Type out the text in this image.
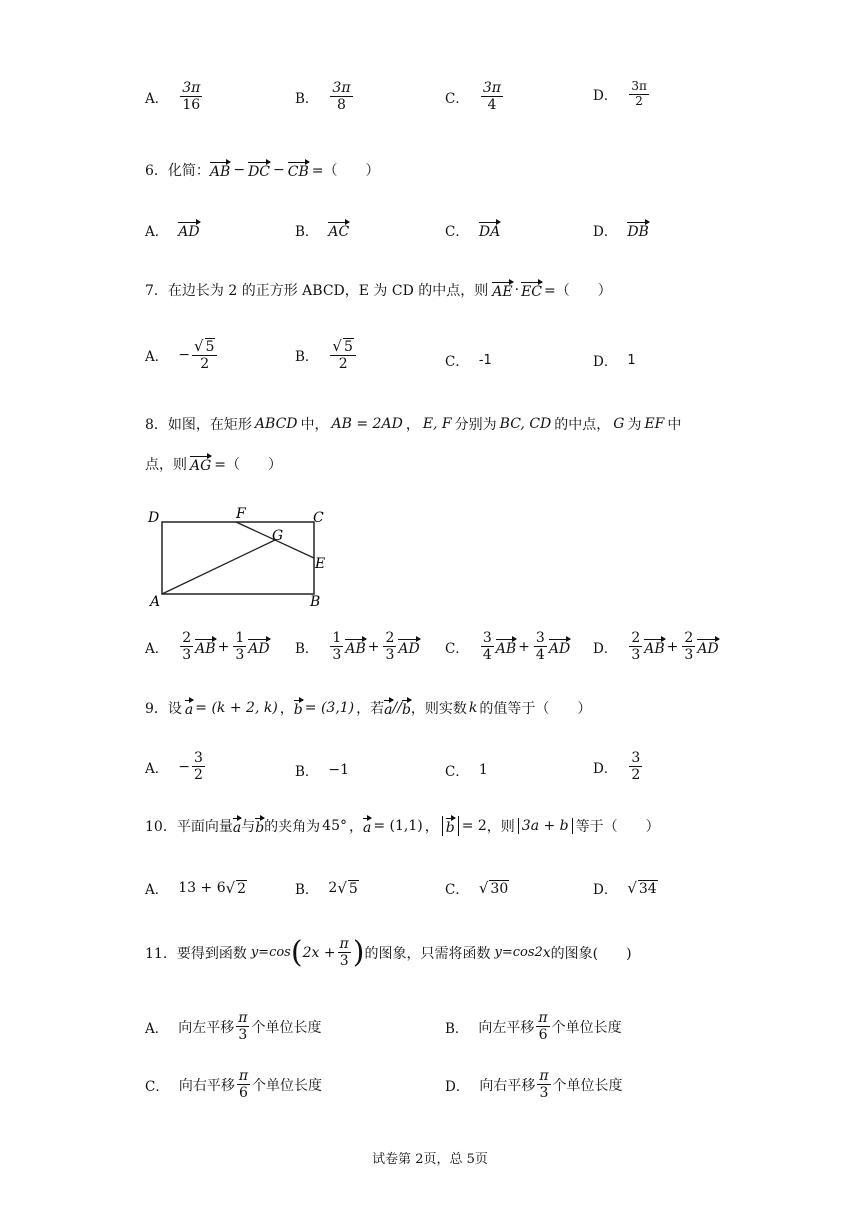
A． $\frac{3\pi}{16}$	B． $\frac{3\pi}{8}$	C． $\frac{3\pi}{4}$	D． $\frac{3\pi}{2}$
6．化简： AB − DC − CB =（　　）
A． AD	B． AC	C． DA	D． DB
7．在边长为 2 的正方形 ABCD，E 为 CD 的中点，则 AE · EC =（　　）
A． − $\frac{√ 5}{2}$	B． $\frac{√ 5}{2}$	C． -1	D． 1
8．如图，在矩形 ABCD 中， AB = 2AD ， E, F 分别为 BC, CD 的中点， G 为 EF 中
点，则 AG =（　　）
D	F	C
G
E
A	B
A． $\frac{2}{3}$ AB + $\frac{1}{3}$ AD B． $\frac{1}{3}$ AB + $\frac{2}{3}$ AD C． $\frac{3}{4}$ AB + $\frac{3}{4}$ AD D． $\frac{2}{3}$ AB + $\frac{2}{3}$ AD
9．设 a = (k + 2, k) ， b = (3,1) ，若 a // b ，则实数 k 的值等于（　　）
A． − $\frac{3}{2}$	B． −1	C． 1	D． $\frac{3}{2}$
10．平面向量 a 与 b 的夹角为 45° ， a = (1,1) ， b = 2 ，则 3a + b 等于（　　）
A． 13 + 6 √ 2	B． 2 √ 5	C． √ 30	D． √ 34
11．要得到函数 y=cos ( $2x + \frac{\pi}{3}$ ) 的图象，只需将函数 y=cos2 x 的图象(　　)
A． 向左平移 $\frac{\pi}{3}$ 个单位长度	B． 向左平移 $\frac{\pi}{6}$ 个单位长度
C． 向右平移 $\frac{\pi}{6}$ 个单位长度	D． 向右平移 $\frac{\pi}{3}$ 个单位长度
试卷第 2页，总 5页
